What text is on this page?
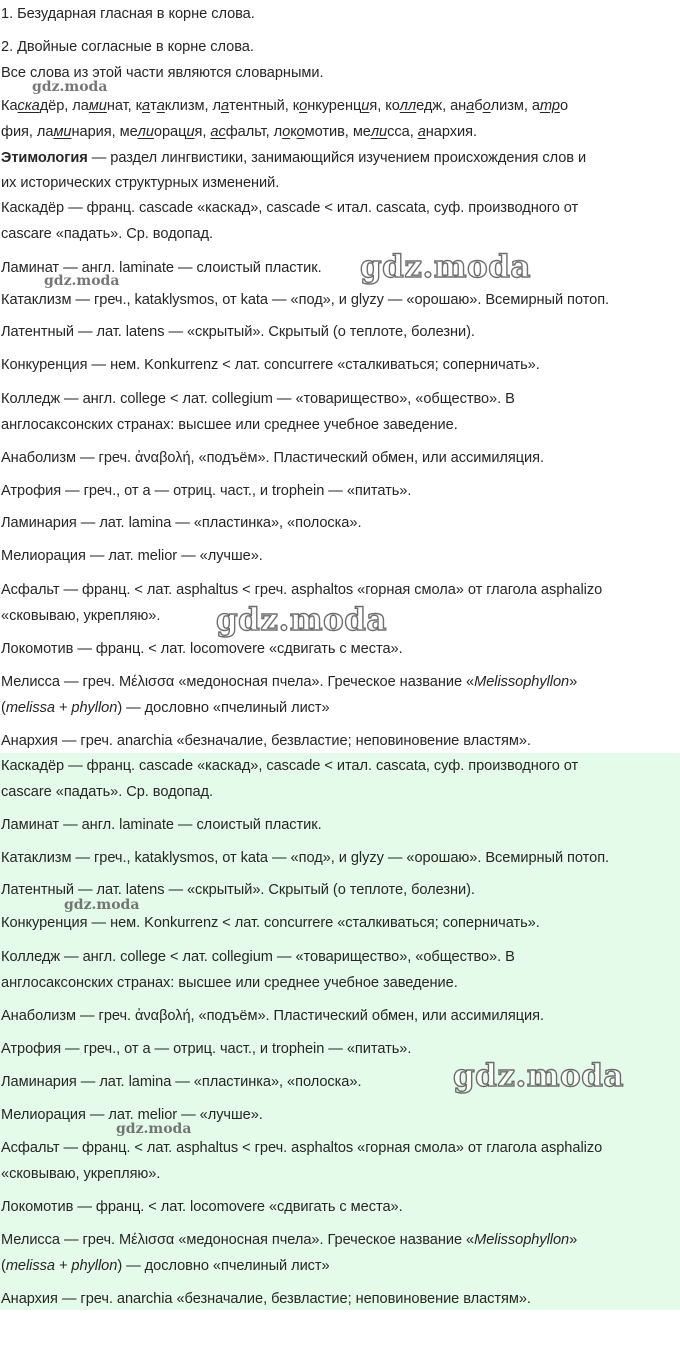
1. Безударная гласная в корне слова.
2. Двойные согласные в корне слова.
Все слова из этой части являются словарными.
Каскадёр, ламинат, катаклизм, латентный, конкуренция, колледж, анаболизм, атро
фия, ламинария, мелиорация, асфальт, локомотив, мелисса, анархия.
Этимология — раздел лингвистики, занимающийся изучением происхождения слов и
их исторических структурных изменений.
Каскадёр — франц. cascade «каскад», cascade < итал. cascata, суф. производного от
cascare «падать». Ср. водопад.
Ламинат — англ. laminate — слоистый пластик.
Катаклизм — греч., kataklysmos, от kata — «под», и glyzy — «орошаю». Всемирный потоп.
Латентный — лат. latens — «скрытый». Скрытый (о теплоте, болезни).
Конкуренция — нем. Konkurrenz < лат. concurrere «сталкиваться; соперничать».
Колледж — англ. college < лат. collegium — «товарищество», «общество». В
англосаксонских странах: высшее или среднее учебное заведение.
Анаболизм — греч. ἀναβολή, «подъём». Пластический обмен, или ассимиляция.
Атрофия — греч., от а — отриц. част., и trophein — «питать».
Ламинария — лат. lamina — «пластинка», «полоска».
Мелиорация — лат. melior — «лучше».
Асфальт — франц. < лат. asphaltus < греч. asphaltos «горная смола» от глагола asphalizo
«сковываю, укрепляю».
Локомотив — франц. < лат. locomovere «сдвигать с места».
Мелисса — греч. Μέλισσα «медоносная пчела». Греческое название «Melissophyllon»
(melissa + phyllon) — дословно «пчелиный лист»
Анархия — греч. anarchia «безначалие, безвластие; неповиновение властям».
Каскадёр — франц. cascade «каскад», cascade < итал. cascata, суф. производного от
cascare «падать». Ср. водопад.
Ламинат — англ. laminate — слоистый пластик.
Катаклизм — греч., kataklysmos, от kata — «под», и glyzy — «орошаю». Всемирный потоп.
Латентный — лат. latens — «скрытый». Скрытый (о теплоте, болезни).
Конкуренция — нем. Konkurrenz < лат. concurrere «сталкиваться; соперничать».
Колледж — англ. college < лат. collegium — «товарищество», «общество». В
англосаксонских странах: высшее или среднее учебное заведение.
Анаболизм — греч. ἀναβολή, «подъём». Пластический обмен, или ассимиляция.
Атрофия — греч., от а — отриц. част., и trophein — «питать».
Ламинария — лат. lamina — «пластинка», «полоска».
Мелиорация — лат. melior — «лучше».
Асфальт — франц. < лат. asphaltus < греч. asphaltos «горная смола» от глагола asphalizo
«сковываю, укрепляю».
Локомотив — франц. < лат. locomovere «сдвигать с места».
Мелисса — греч. Μέλισσα «медоносная пчела». Греческое название «Melissophyllon»
(melissa + phyllon) — дословно «пчелиный лист»
Анархия — греч. anarchia «безначалие, безвластие; неповиновение властям».
gdz.moda
gdz.moda
gdz.moda
gdz.moda
gdz.moda
gdz.moda
gdz.moda
